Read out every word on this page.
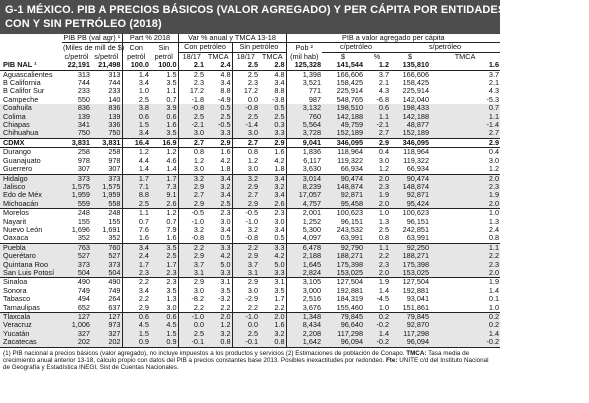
G-1 MÉXICO. PIB A PRECIOS BÁSICOS (VALOR AGREGADO) Y PER CÁPITA POR ENTIDADES FEDERATIVAS,
CON Y SIN PETRÓLEO (2018)
	PIB PB (val agr) ¹		Part % 2018		Var % anual y TMCA 13-18				PIB a valor agregado per cápita				
	(Miles de mill de $)		Con	Sin	Con petróleo		Sin petróleo		Pob ²	c/petróleo		s/petróleo	
	c/petról	s/petról	petról	petról	18/17	TMCA	18/17	TMCA	(mil hab)	$	%	$	TMCA
PIB NAL ¹	22,191	21,498	100.0	100.0	2.1	2.4	2.5	2.8	125,328	141,544	1.2	135,810	1.6
Aguascalientes	313	313	1.4	1.5	2.5	4.8	2.5	4.8	1,398	166,606	3.7	166,606	3.7
B California	744	744	3.4	3.5	2.3	3.4	2.3	3.4	3,521	158,425	2.1	158,425	2.1
B Califor Sur	233	233	1.0	1.1	17.2	8.8	17.2	8.8	771	225,914	4.3	225,914	4.3
Campeche	550	140	2.5	0.7	-1.8	-4.9	0.0	-3.8	987	548,765	-6.8	142,040	-5.3
Coahuila	836	836	3.8	3.9	-0.8	0.5	-0.8	0.5	3,132	198,510	0.6	198,433	0.7
Colima	139	139	0.6	0.6	2.5	2.5	2.5	2.5	760	142,188	1.1	142,188	1.1
Chiapas	341	336	1.5	1.6	-2.1	-0.5	-1.4	0.3	5,564	49,759	-2.1	48,877	-1.4
Chihuahua	750	750	3.4	3.5	3.0	3.3	3.0	3.3	3,728	152,189	2.7	152,189	2.7
CDMX	3,831	3,831	16.4	16.9	2.7	2.9	2.7	2.9	9,041	346,095	2.9	346,095	2.9
Durango	258	258	1.2	1.2	0.8	1.6	0.8	1.6	1,836	118,964	0.4	118,964	0.4
Guanajuato	978	978	4.4	4.6	1.2	4.2	1.2	4.2	6,117	119,322	3.0	119,322	3.0
Guerrero	307	307	1.4	1.4	3.0	1.8	3.0	1.8	3,630	66,934	1.2	66,934	1.2
Hidalgo	373	373	1.7	1.7	3.2	3.4	3.2	3.4	3,014	90,474	2.0	90,474	2.0
Jalisco	1,575	1,575	7.1	7.3	2.9	3.2	2.9	3.2	8,239	148,874	2.3	148,874	2.3
Edo de Méx	1,959	1,959	8.8	9.1	2.7	3.4	2.7	3.4	17,057	92,871	1.9	92,871	1.9
Michoacán	559	558	2.5	2.6	2.9	2.5	2.9	2.6	4,757	95,458	2.0	95,424	2.0
Morelos	248	248	1.1	1.2	-0.5	2.3	-0.5	2.3	2,001	100,623	1.0	100,623	1.0
Nayarit	155	155	0.7	0.7	-1.0	3.0	-1.0	3.0	1,252	96,151	1.3	96,151	1.3
Nuevo León	1,696	1,691	7.6	7.9	3.2	3.4	3.2	3.4	5,300	243,532	2.5	242,851	2.4
Oaxaca	352	352	1.6	1.6	-0.8	0.5	-0.8	0.5	4,097	63,991	0.8	63,991	0.8
Puebla	763	760	3.4	3.5	2.2	3.3	2.2	3.3	6,478	92,790	1.1	92,250	1.1
Querétaro	527	527	2.4	2.5	2.9	4.2	2.9	4.2	2,188	188,271	2.2	188,271	2.2
Quintana Roo	373	373	1.7	1.7	3.7	5.0	3.7	5.0	1,645	175,398	2.3	175,398	2.3
San Luis Potosí	504	504	2.3	2.3	3.1	3.3	3.1	3.3	2,824	153,025	2.0	153,025	2.0
Sinaloa	490	490	2.2	2.3	2.9	3.1	2.9	3.1	3,105	127,504	1.9	127,504	1.9
Sonora	749	749	3.4	3.5	3.0	3.5	3.0	3.5	3,000	192,881	1.4	192,881	1.4
Tabasco	494	264	2.2	1.3	-8.2	-3.2	-2.9	1.7	2,516	184,319	-4.5	93,041	0.1
Tamaulipas	652	637	2.9	3.0	2.2	2.2	2.2	2.2	3,676	155,460	1.0	151,861	1.0
Tlaxcala	127	127	0.6	0.6	-1.0	2.0	-1.0	2.0	1,348	79,845	0.2	79,845	0.2
Veracruz	1,006	973	4.5	4.5	0.0	1.2	0.0	1.6	8,434	96,640	-0.2	92,870	0.2
Yucatán	327	327	1.5	1.5	2.5	3.2	2.5	3.2	2,208	117,298	1.4	117,298	1.4
Zacatecas	202	202	0.9	0.9	-0.1	0.8	-0.1	0.8	1,642	96,094	-0.2	96,094	-0.2
(1) PIB nacional a precios básicos (valor agregado), no incluye impuestos a los productos y servicios (2) Estimaciones de población de Conapo. TMCA: Tasa media de crecimiento anual anterior 13-18, cálculo propio con datos del PIB a precios constantes base 2013. Posibles inexactitudes por redondeo. Fte: UNITE c/d del Instituto Nacional de Geografía y Estadística INEGI, Sist de Cuentas Nacionales.
